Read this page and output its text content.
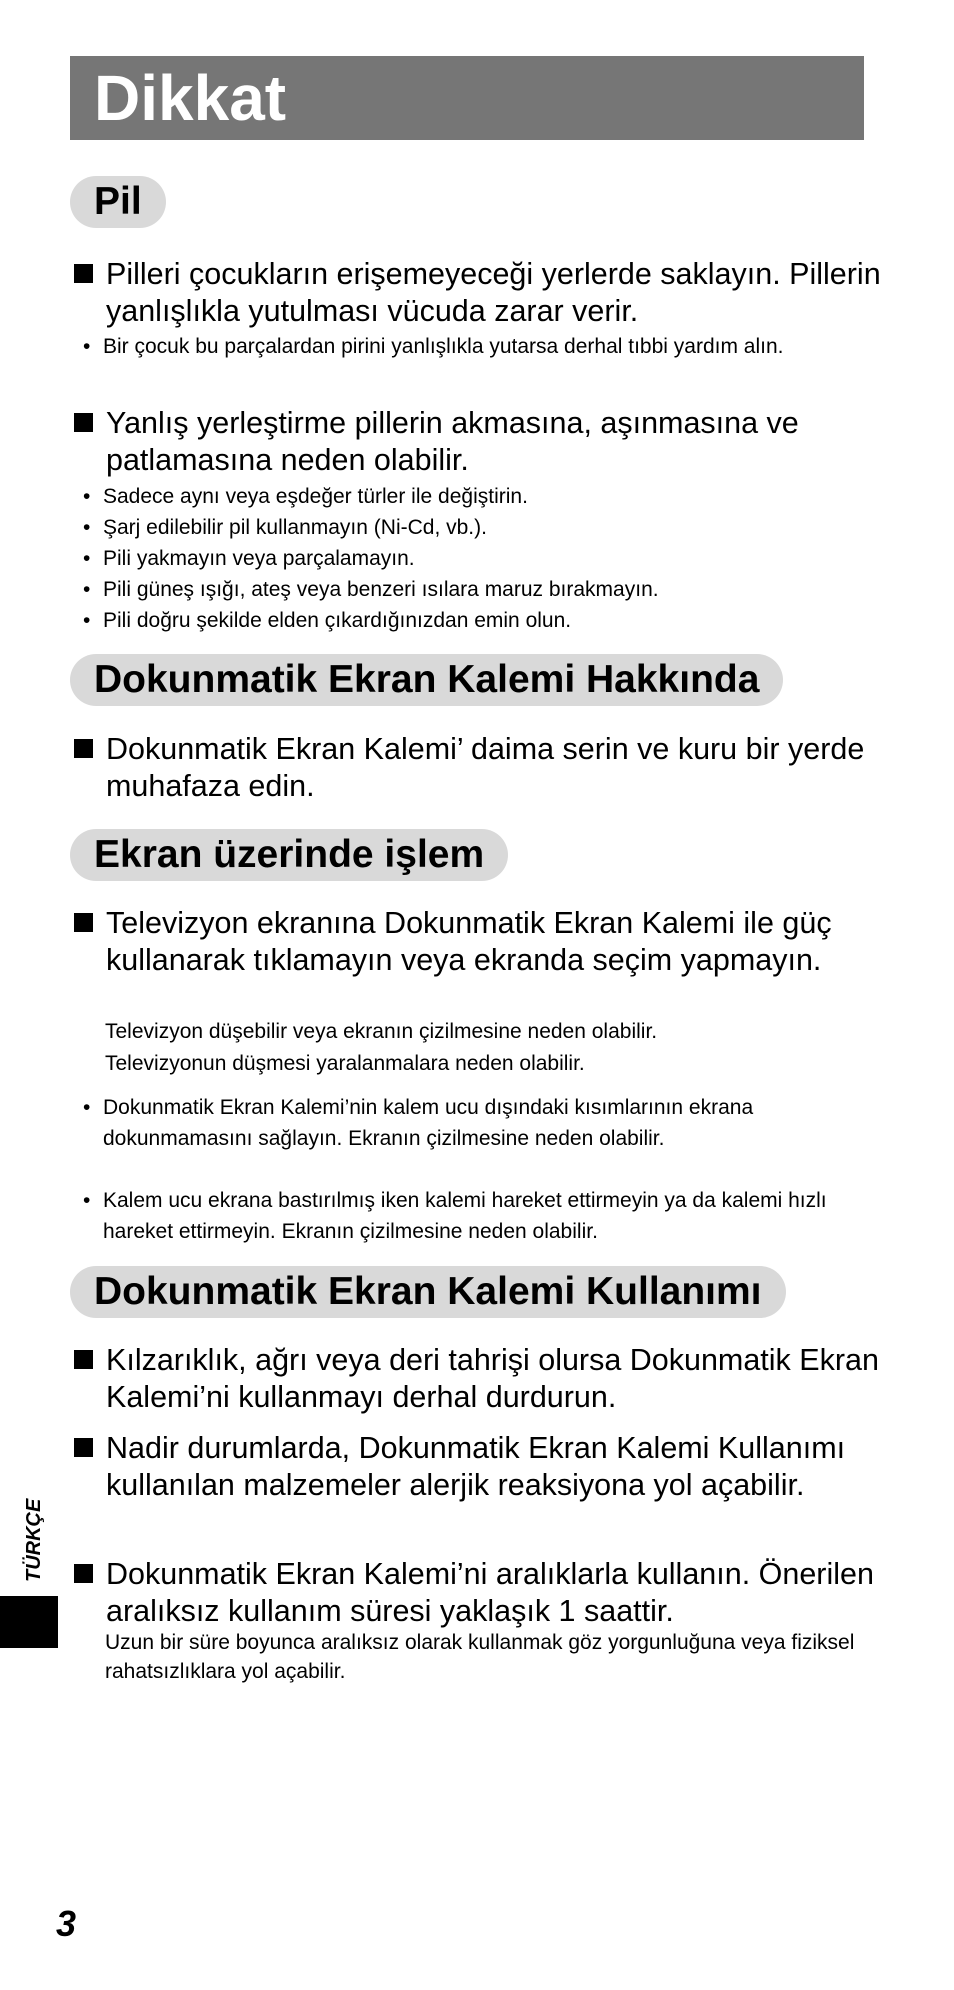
Dikkat
Pil
Pilleri çocukların erişemeyeceği yerlerde saklayın. Pillerin yanlışlıkla yutulması vücuda zarar verir.
• Bir çocuk bu parçalardan pirini yanlışlıkla yutarsa derhal tıbbi yardım alın.
Yanlış yerleştirme pillerin akmasına, aşınmasına ve patlamasına neden olabilir.
• Sadece aynı veya eşdeğer türler ile değiştirin.
• Şarj edilebilir pil kullanmayın (Ni-Cd, vb.).
• Pili yakmayın veya parçalamayın.
• Pili güneş ışığı, ateş veya benzeri ısılara maruz bırakmayın.
• Pili doğru şekilde elden çıkardığınızdan emin olun.
Dokunmatik Ekran Kalemi Hakkında
Dokunmatik Ekran Kalemi’ daima serin ve kuru bir yerde muhafaza edin.
Ekran üzerinde işlem
Televizyon ekranına Dokunmatik Ekran Kalemi ile güç kullanarak tıklamayın veya ekranda seçim yapmayın.
Televizyon düşebilir veya ekranın çizilmesine neden olabilir.
Televizyonun düşmesi yaralanmalara neden olabilir.
• Dokunmatik Ekran Kalemi’nin kalem ucu dışındaki kısımlarının ekrana dokunmamasını sağlayın. Ekranın çizilmesine neden olabilir.
• Kalem ucu ekrana bastırılmış iken kalemi hareket ettirmeyin ya da kalemi hızlı hareket ettirmeyin. Ekranın çizilmesine neden olabilir.
Dokunmatik Ekran Kalemi Kullanımı
Kılzarıklık, ağrı veya deri tahrişi olursa Dokunmatik Ekran Kalemi’ni kullanmayı derhal durdurun.
Nadir durumlarda, Dokunmatik Ekran Kalemi Kullanımı kullanılan malzemeler alerjik reaksiyona yol açabilir.
Dokunmatik Ekran Kalemi’ni aralıklarla kullanın. Önerilen aralıksız kullanım süresi yaklaşık 1 saattir.
Uzun bir süre boyunca aralıksız olarak kullanmak göz yorgunluğuna veya fiziksel rahatsızlıklara yol açabilir.
TÜRKÇE
3
